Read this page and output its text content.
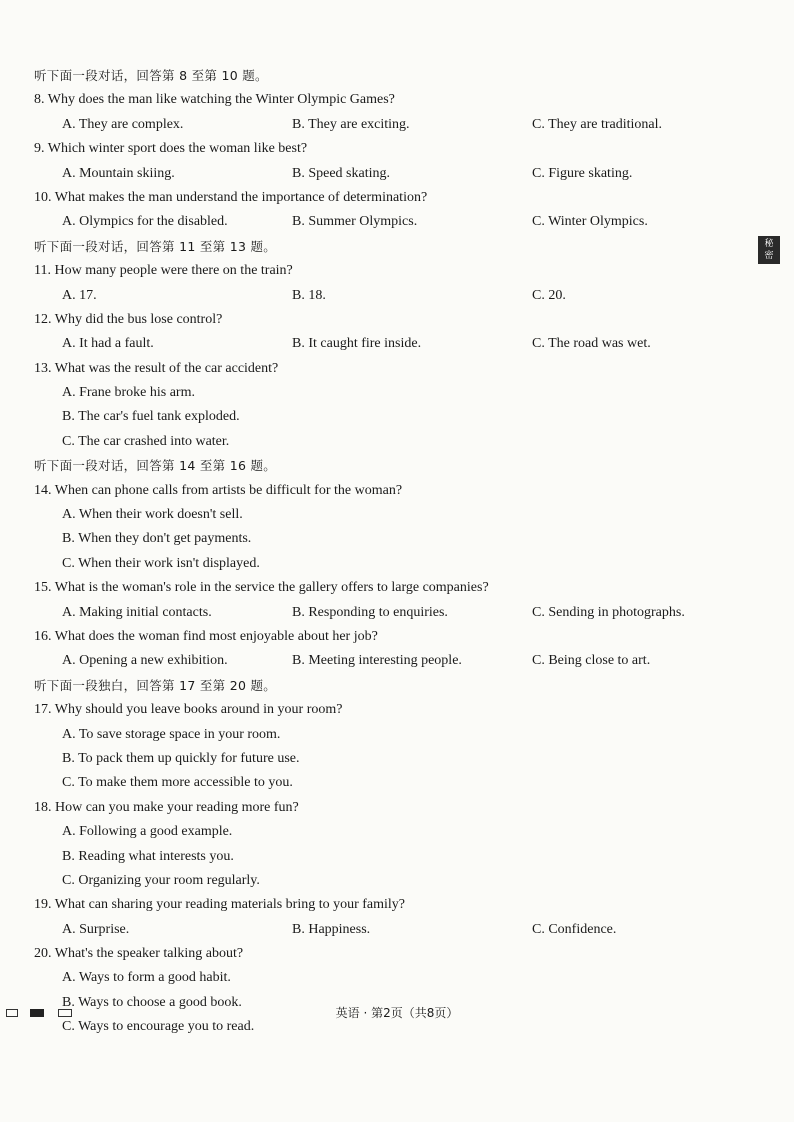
听下面一段对话，回答第 8 至第 10 题。
8. Why does the man like watching the Winter Olympic Games?
A. They are complex.	B. They are exciting.	C. They are traditional.
9. Which winter sport does the woman like best?
A. Mountain skiing.	B. Speed skating.	C. Figure skating.
10. What makes the man understand the importance of determination?
A. Olympics for the disabled.	B. Summer Olympics.	C. Winter Olympics.
听下面一段对话，回答第 11 至第 13 题。
11. How many people were there on the train?
A. 17.	B. 18.	C. 20.
12. Why did the bus lose control?
A. It had a fault.	B. It caught fire inside.	C. The road was wet.
13. What was the result of the car accident?
A. Frane broke his arm.
B. The car's fuel tank exploded.
C. The car crashed into water.
听下面一段对话，回答第 14 至第 16 题。
14. When can phone calls from artists be difficult for the woman?
A. When their work doesn't sell.
B. When they don't get payments.
C. When their work isn't displayed.
15. What is the woman's role in the service the gallery offers to large companies?
A. Making initial contacts.	B. Responding to enquiries.	C. Sending in photographs.
16. What does the woman find most enjoyable about her job?
A. Opening a new exhibition.	B. Meeting interesting people.	C. Being close to art.
听下面一段独白，回答第 17 至第 20 题。
17. Why should you leave books around in your room?
A. To save storage space in your room.
B. To pack them up quickly for future use.
C. To make them more accessible to you.
18. How can you make your reading more fun?
A. Following a good example.
B. Reading what interests you.
C. Organizing your room regularly.
19. What can sharing your reading materials bring to your family?
A. Surprise.	B. Happiness.	C. Confidence.
20. What's the speaker talking about?
A. Ways to form a good habit.
B. Ways to choose a good book.
C. Ways to encourage you to read.
秘
密
英语 · 第2页（共8页）
